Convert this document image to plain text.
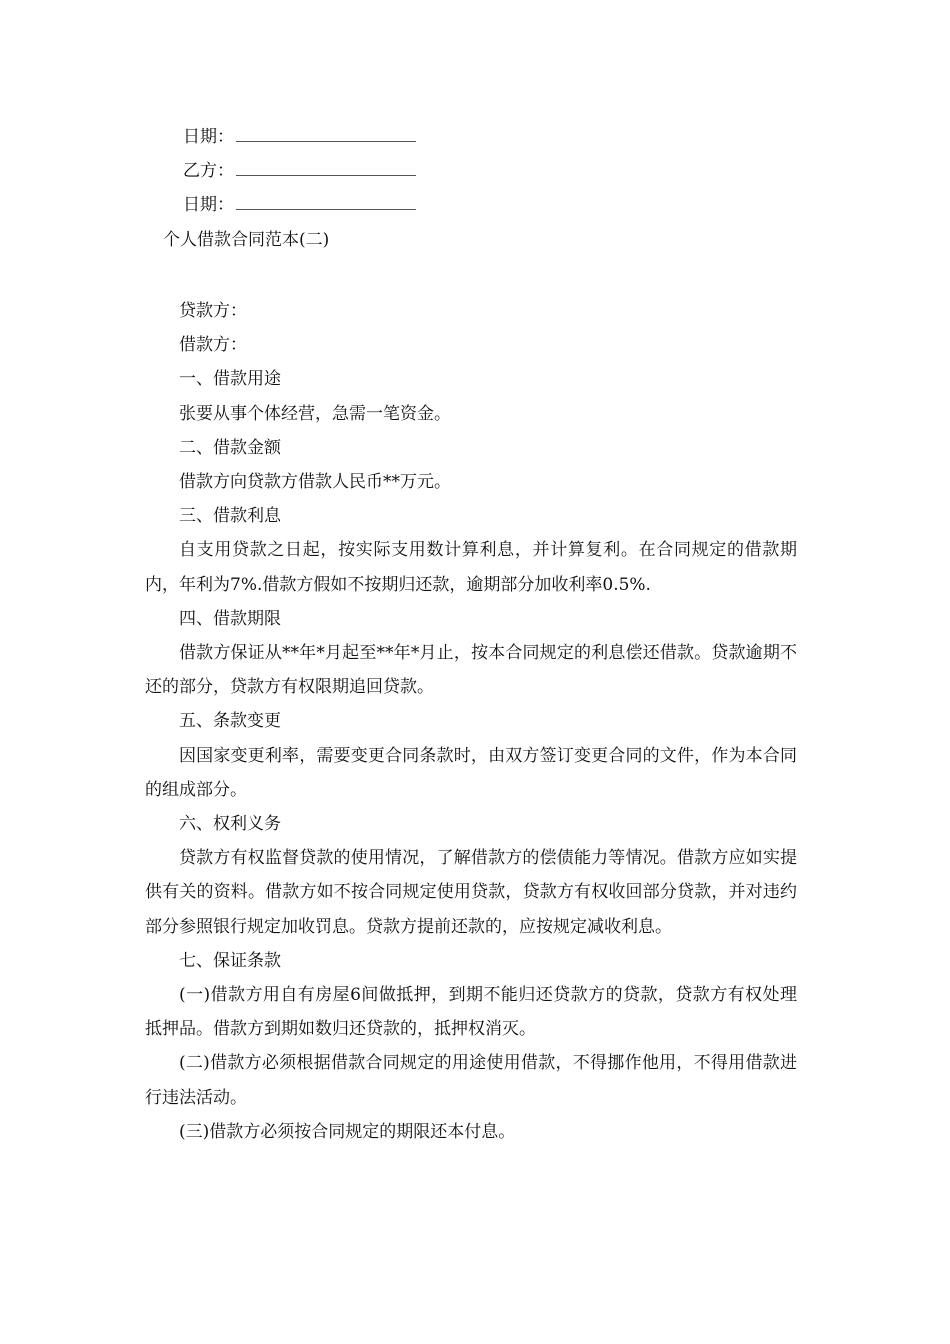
日期：
乙方：
日期：
个人借款合同范本(二)

贷款方：

借款方：

一、借款用途

张要从事个体经营，急需一笔资金。

二、借款金额

借款方向贷款方借款人民币**万元。

三、借款利息

自支用贷款之日起，按实际支用数计算利息，并计算复利。在合同规定的借款期内，年利为7%.借款方假如不按期归还款，逾期部分加收利率0.5%.

四、借款期限

借款方保证从**年*月起至**年*月止，按本合同规定的利息偿还借款。贷款逾期不还的部分，贷款方有权限期追回贷款。

五、条款变更

因国家变更利率，需要变更合同条款时，由双方签订变更合同的文件，作为本合同的组成部分。

六、权利义务

贷款方有权监督贷款的使用情况，了解借款方的偿债能力等情况。借款方应如实提供有关的资料。借款方如不按合同规定使用贷款，贷款方有权收回部分贷款，并对违约部分参照银行规定加收罚息。贷款方提前还款的，应按规定减收利息。

七、保证条款

(一)借款方用自有房屋6间做抵押，到期不能归还贷款方的贷款，贷款方有权处理抵押品。借款方到期如数归还贷款的，抵押权消灭。

(二)借款方必须根据借款合同规定的用途使用借款，不得挪作他用，不得用借款进行违法活动。

(三)借款方必须按合同规定的期限还本付息。
